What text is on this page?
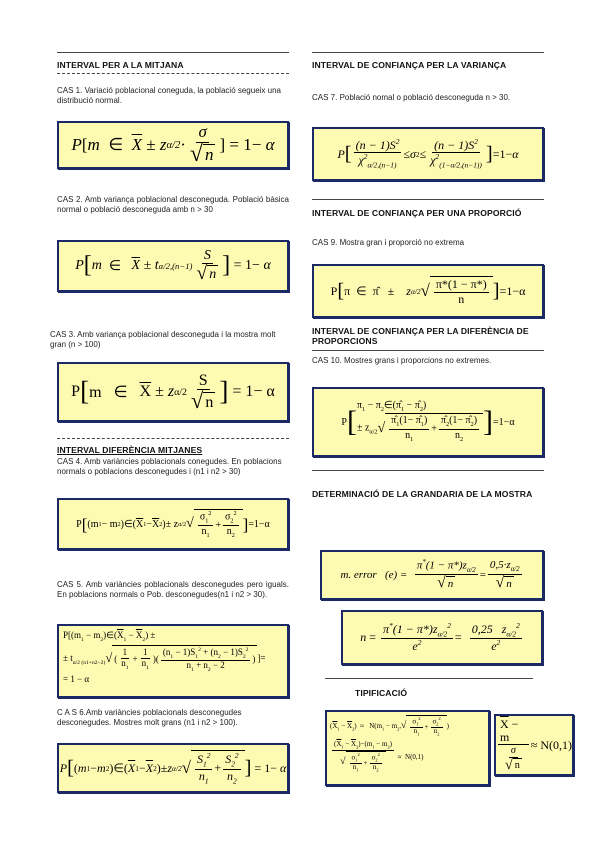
INTERVAL PER A LA MITJANA
CAS 1. Variació poblacional coneguda, la població segueix una distribució normal.
P [ m ∈ $\overline{X} \pm z$ $\alpha/2 \cdot \frac{\sigma}{√ n}$ ] = 1− α
CAS 2. Amb variança poblacional desconeguda. Població bàsica normal o població desconeguda amb n > 30
P [ m ∈ $\overline{X} \pm t$ $\alpha/2,(n-1) \frac{S}{√ n}$ ] = 1− α
CAS 3. Amb variança poblacional desconeguda i la mostra molt gran (n > 100)
P [ m   ∈ $\overline{X} \pm z$ $\alpha/2 \frac{S}{√ n}$ ] = 1− α
INTERVAL DIFERÈNCIA MITJANES
CAS 4. Amb variàncies poblacionals conegudes. En poblacions normals o poblacions desconegudes i (n1 i n2 > 30)
P [ (m 1 − m 2 )∈( $\overline{X}$ $1 - \overline{X}$ 2 )± z α/2 √ $\frac{\sigma_1^2}{n_1} + \frac{\sigma_2^2}{n_2}$ ] =1−α
CAS 5. Amb variàncies poblacionals desconegudes pero iguals. En poblacions normals o Pob. desconegudes(n1 i n2 > 30).
$P[(m_1$ − $m_2)\in(\overline{X}_1 - \overline{X}_2)$ ±
± $t_{\alpha/2 (n1+n2-2)}$ √ ( $\frac{1}{n_1} + \frac{1}{n_1}$ )( $\frac{(n_1 - 1)S_1^2 + (n_2 - 1)S_2^2}{n_1 + n_2 - 2}$ ) ]=
= 1 − α
C A S 6.Amb variàncies poblacionals desconegudes desconegudes. Mostres molt grans (n1 i n2 > 100).
P [ ( m 1 − m 2 )∈( $\overline{X}$ $1 - \overline{X}$ 2 )± z α/2 √ $\frac{S_1^2}{n_1} + \frac{S_2^2}{n_2}$ ] = 1− α
INTERVAL DE CONFIANÇA PER LA VARIANÇA
CAS 7. Població nomal o població desconeguda n > 30.
P [ $\frac{(n - 1)S^2}{\chi^2_{\alpha/2,(n-1)}} \le \sigma$ $2 \le \frac{(n - 1)S^2}{\chi^2_{(1-\alpha/2,(n-1))}}$ ] =1− α
INTERVAL DE CONFIANÇA PER UNA PROPORCIÓ
CAS 9. Mostra gran i proporció no extrema
P [ π  ∈  π̂   ± z α/2 √ $\frac{\pi*(1 - \pi*)}{n}$ ] =1−α
INTERVAL DE CONFIANÇA PER LA DIFERÈNCIA DE PROPORCIONS
CAS 10. Mostres grans i proporcions no extremes.
P [ $\pi_1$ − $\pi_2\in(\pî_1$ − $\pî_2$)
± $z_{\alpha/2}$ √ $\frac{\pî_1(1- \pî_1)}{n_1} + \frac{\pî_2(1- \pî_2)}{n_2}$ ] =1−α
DETERMINACIÓ DE LA GRANDARIA DE LA MOSTRA
m. error
(e) =
$\frac{\pi^*(1 - \pi*)z_{\alpha/2}}{√ n} = \frac{0,5\cdot z_{\alpha/2}}{√ n}$
$n = \frac{\pi^*(1 - \pi*)z_{\alpha/2}^2}{e^2} = \frac{0,25 z_{\alpha/2}^2}{e^2}$
TIPIFICACIÓ
$(\overline{X}_1 - \overline{X}_2) \approx N(m_1 - m_2$, √ $\frac{\sigma_1^2}{n_1} + \frac{\sigma_2^2}{n_2}$ )
$\frac{(\overline{X}_1 - \overline{X}_2)-(m_1 - m_2)}{√ \frac{\sigma_1^2}{n_1} + \frac{\sigma_2^2}{n_2}} \approx N(0,1)$	$\frac{\overline{X} - m}{\frac{\sigma}{√ n}} \approx N(0,1)$
